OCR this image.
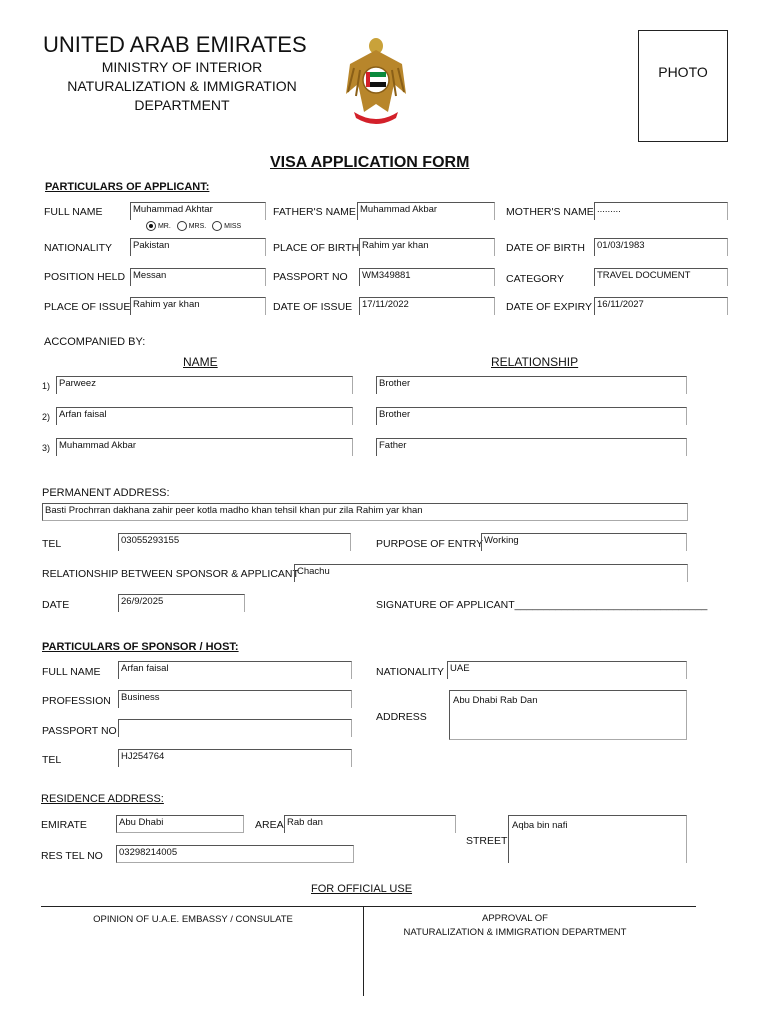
UNITED ARAB EMIRATES
MINISTRY OF INTERIOR
NATURALIZATION & IMMIGRATION
DEPARTMENT
PHOTO
VISA APPLICATION FORM
PARTICULARS OF APPLICANT:
FULL NAME	Muhammad Akhtar
MR.	MRS.	MISS
FATHER'S NAME Muhammad Akbar	MOTHER'S NAME .........
NATIONALITY	Pakistan	PLACE OF BIRTH Rahim yar khan	DATE OF BIRTH	01/03/1983
POSITION HELD Messan	PASSPORT NO	WM349881	CATEGORY	TRAVEL DOCUMENT
PLACE OF ISSUE Rahim yar khan	DATE OF ISSUE	17/11/2022	DATE OF EXPIRY 16/11/2027
ACCOMPANIED BY:
NAME	RELATIONSHIP
1) Parweez	Brother
2) Arfan faisal	Brother
3) Muhammad Akbar	Father
PERMANENT ADDRESS:
Basti Prochrran dakhana zahir peer kotla madho khan tehsil khan pur zila Rahim yar khan
TEL	03055293155	PURPOSE OF ENTRY Working
RELATIONSHIP BETWEEN SPONSOR & APPLICANT
Chachu
DATE	26/9/2025	SIGNATURE OF APPLICANT_________________________________
PARTICULARS OF SPONSOR / HOST:
FULL NAME	Arfan faisal	NATIONALITY UAE
PROFESSION	Business
ADDRESS
Abu Dhabi Rab Dan
PASSPORT NO
TEL	HJ254764
RESIDENCE ADDRESS:
EMIRATE	Abu Dhabi	AREA Rab dan
STREET
Aqba bin nafi
RES TEL NO	03298214005
FOR OFFICIAL USE
OPINION OF U.A.E. EMBASSY / CONSULATE	APPROVAL OF
NATURALIZATION & IMMIGRATION DEPARTMENT
